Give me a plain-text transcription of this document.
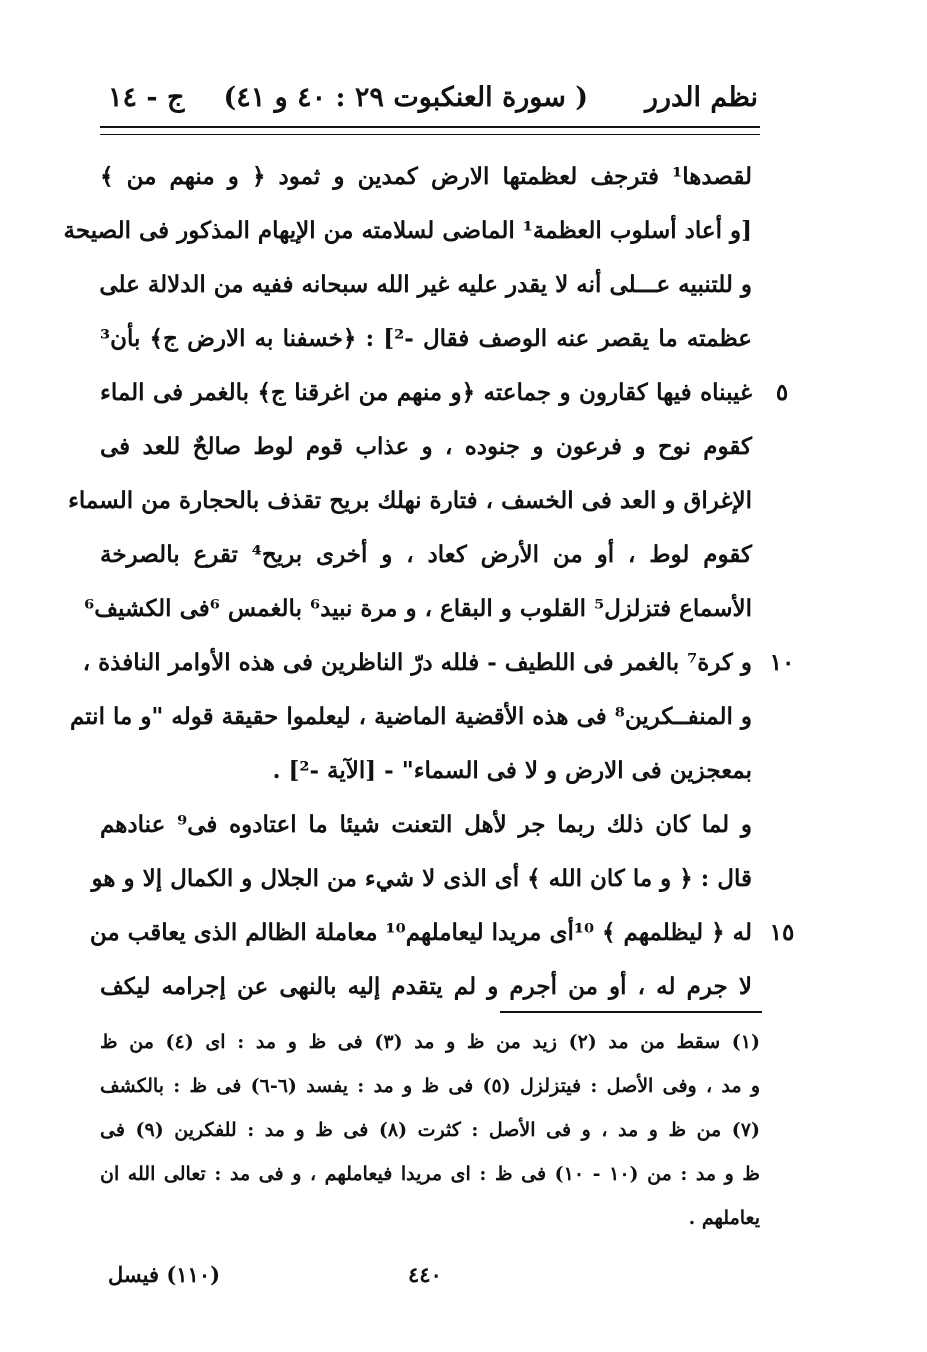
نظم الدرر
( سورة العنكبوت ٢٩ : ٤٠ و ٤١)
ج - ١٤
٥
١٠
١٥
لقصدها¹ فترجف لعظمتها الارض كمدين و ثمود ﴿ و منهم من ﴾
[و أعاد أسلوب العظمة¹ الماضى لسلامته من الإيهام المذكور فى الصيحة
و للتنبيه عـــلى أنه لا يقدر عليه غير الله سبحانه ففيه من الدلالة على
عظمته ما يقصر عنه الوصف فقال -²] : ﴿خسفنا به الارض ج﴾ بأن³
غيبناه فيها كقارون و جماعته ﴿و منهم من اغرقنا ج﴾ بالغمر فى الماء
كقوم نوح و فرعون و جنوده ، و عذاب قوم لوط صالحٌ للعد فى
الإغراق و العد فى الخسف ، فتارة نهلك بريح تقذف بالحجارة من السماء
كقوم لوط ، أو من الأرض كعاد ، و أخرى بريح⁴ تقرع بالصرخة
الأسماع فتزلزل⁵ القلوب و البقاع ، و مرة نبيد⁶ بالغمس ⁶فى الكشيف⁶
و كرة⁷ بالغمر فى اللطيف - فلله درّ الناظرين فى هذه الأوامر النافذة ،
و المنفــكرين⁸ فى هذه الأقضية الماضية ، ليعلموا حقيقة قوله "و ما انتم
بمعجزين فى الارض و لا فى السماء" - [الآية -²] .
و لما كان ذلك ربما جر لأهل التعنت شيئا ما اعتادوه فى⁹ عنادهم
قال : ﴿ و ما كان الله ﴾ أى الذى لا شيء من الجلال و الكمال إلا و هو
له ﴿ ليظلمهم ﴾ ¹⁰أى مريدا ليعاملهم¹⁰ معاملة الظالم الذى يعاقب من
لا جرم له ، أو من أجرم و لم يتقدم إليه بالنهى عن إجرامه ليكف
(١) سقط من مد (٢) زيد من ظ و مد (٣) فى ظ و مد : اى (٤) من ظ
و مد ، وفى الأصل : فيتزلزل (٥) فى ظ و مد : يفسد (٦-٦) فى ظ : بالكشف
(٧) من ظ و مد ، و فى الأصل : كثرت (٨) فى ظ و مد : للفكرين (٩) فى
ظ و مد : من (١٠ - ١٠) فى ظ : اى مريدا فيعاملهم ، و فى مد : تعالى الله ان
يعاملهم .
٤٤٠
(١١٠) فيسل
